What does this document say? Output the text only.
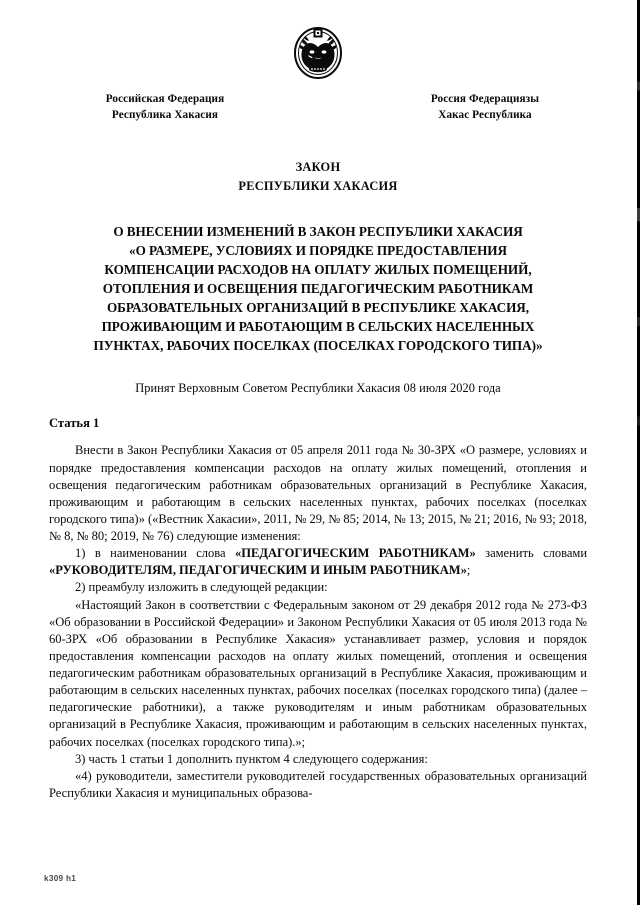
Российская Федерация
Республика Хакасия
Россия Федерациязы
Хакас Республика
ЗАКОН
РЕСПУБЛИКИ ХАКАСИЯ
О ВНЕСЕНИИ ИЗМЕНЕНИЙ В ЗАКОН РЕСПУБЛИКИ ХАКАСИЯ
«О РАЗМЕРЕ, УСЛОВИЯХ И ПОРЯДКЕ ПРЕДОСТАВЛЕНИЯ
КОМПЕНСАЦИИ РАСХОДОВ НА ОПЛАТУ ЖИЛЫХ ПОМЕЩЕНИЙ,
ОТОПЛЕНИЯ И ОСВЕЩЕНИЯ ПЕДАГОГИЧЕСКИМ РАБОТНИКАМ
ОБРАЗОВАТЕЛЬНЫХ ОРГАНИЗАЦИЙ В РЕСПУБЛИКЕ ХАКАСИЯ,
ПРОЖИВАЮЩИМ И РАБОТАЮЩИМ В СЕЛЬСКИХ НАСЕЛЕННЫХ
ПУНКТАХ, РАБОЧИХ ПОСЕЛКАХ (ПОСЕЛКАХ ГОРОДСКОГО ТИПА)»
Принят Верховным Советом Республики Хакасия 08 июля 2020 года
Статья 1

Внести в Закон Республики Хакасия от 05 апреля 2011 года № 30-ЗРХ «О размере, условиях и порядке предоставления компенсации расходов на оплату жилых помещений, отопления и освещения педагогическим работникам образовательных организаций в Республике Хакасия, проживающим и работающим в сельских населенных пунктах, рабочих поселках (поселках городского типа)» («Вестник Хакасии», 2011, № 29, № 85; 2014, № 13; 2015, № 21; 2016, № 93; 2018, № 8, № 80; 2019, № 76) следующие изменения:

1) в наименовании слова «ПЕДАГОГИЧЕСКИМ РАБОТНИКАМ» заменить словами «РУКОВОДИТЕЛЯМ, ПЕДАГОГИЧЕСКИМ И ИНЫМ РАБОТНИКАМ»;

2) преамбулу изложить в следующей редакции:

«Настоящий Закон в соответствии с Федеральным законом от 29 декабря 2012 года № 273-ФЗ «Об образовании в Российской Федерации» и Законом Республики Хакасия от 05 июля 2013 года № 60-ЗРХ «Об образовании в Республике Хакасия» устанавливает размер, условия и порядок предоставления компенсации расходов на оплату жилых помещений, отопления и освещения педагогическим работникам образовательных организаций в Республике Хакасия, проживающим и работающим в сельских населенных пунктах, рабочих поселках (поселках городского типа) (далее – педагогические работники), а также руководителям и иным работникам образовательных организаций в Республике Хакасия, проживающим и работающим в сельских населенных пунктах, рабочих поселках (поселках городского типа).»;

3) часть 1 статьи 1 дополнить пунктом 4 следующего содержания:

«4) руководители, заместители руководителей государственных образовательных организаций Республики Хакасия и муниципальных образова-

k309 h1
